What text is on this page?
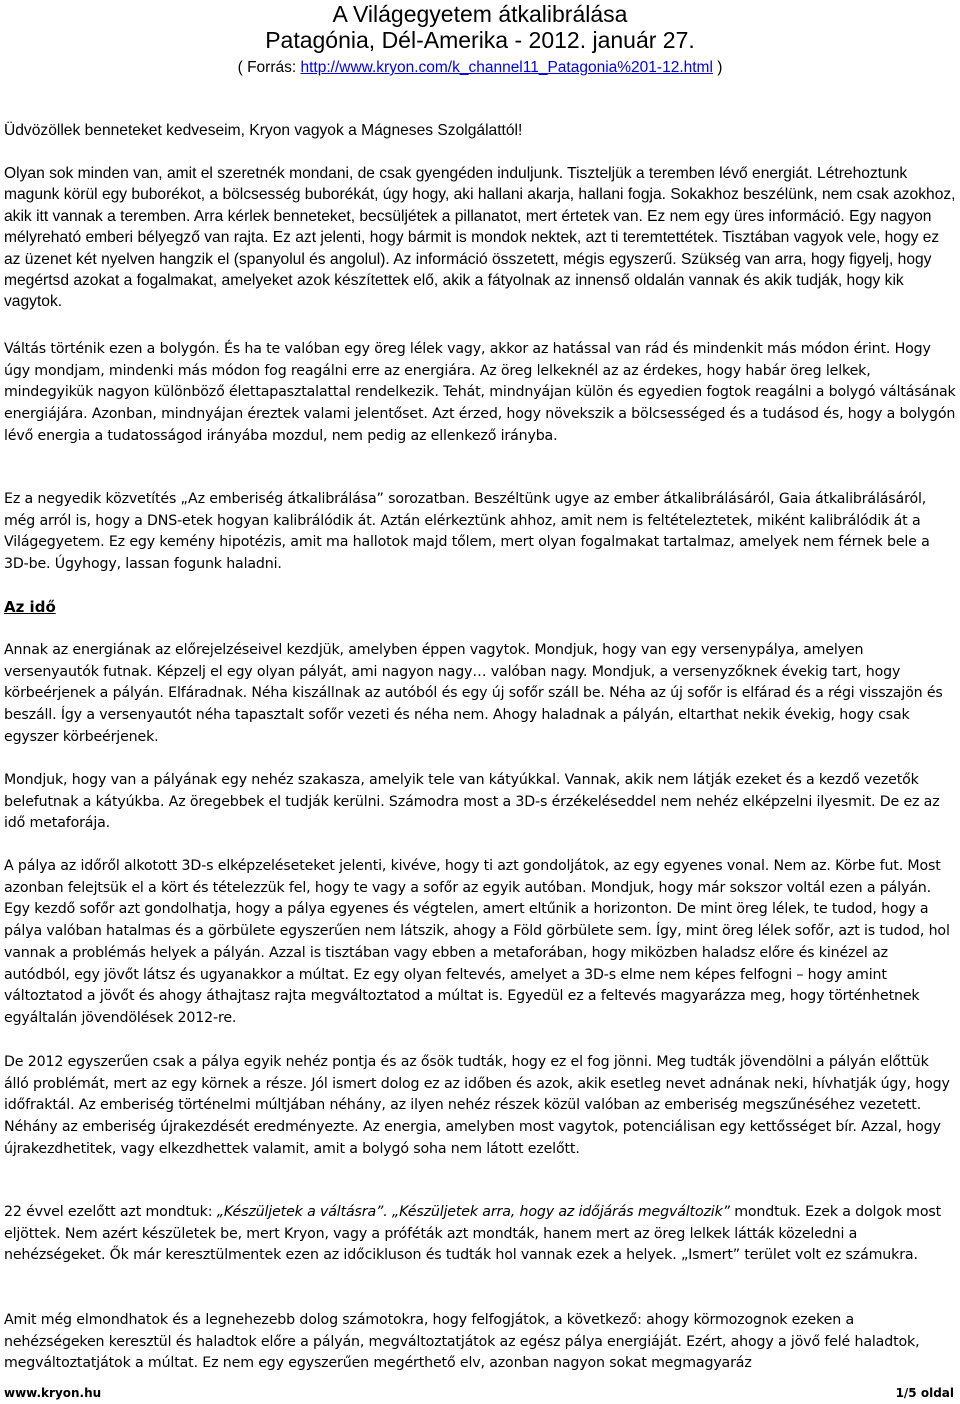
A Világegyetem átkalibrálása
Patagónia, Dél-Amerika - 2012. január 27.
( Forrás: http://www.kryon.com/k_channel11_Patagonia%201-12.html )

Üdvözöllek benneteket kedveseim, Kryon vagyok a Mágneses Szolgálattól!

Olyan sok minden van, amit el szeretnék mondani, de csak gyengéden induljunk. Tiszteljük a teremben lévő energiát. Létrehoztunk magunk körül egy buborékot, a bölcsesség buborékát, úgy hogy, aki hallani akarja, hallani fogja. Sokakhoz beszélünk, nem csak azokhoz, akik itt vannak a teremben. Arra kérlek benneteket, becsüljétek a pillanatot, mert értetek van. Ez nem egy üres információ. Egy nagyon mélyreható emberi bélyegző van rajta. Ez azt jelenti, hogy bármit is mondok nektek, azt ti teremtettétek. Tisztában vagyok vele, hogy ez az üzenet két nyelven hangzik el (spanyolul és angolul). Az információ összetett, mégis egyszerű. Szükség van arra, hogy figyelj, hogy megértsd azokat a fogalmakat, amelyeket azok készítettek elő, akik a fátyolnak az innenső oldalán vannak és akik tudják, hogy kik vagytok.

Váltás történik ezen a bolygón. És ha te valóban egy öreg lélek vagy, akkor az hatással van rád és mindenkit más módon érint. Hogy úgy mondjam, mindenki más módon fog reagálni erre az energiára. Az öreg lelkeknél az az érdekes, hogy habár öreg lelkek, mindegyikük nagyon különböző élettapasztalattal rendelkezik. Tehát, mindnyájan külön és egyedien fogtok reagálni a bolygó váltásának energiájára. Azonban, mindnyájan éreztek valami jelentőset. Azt érzed, hogy növekszik a bölcsességed és a tudásod és, hogy a bolygón lévő energia a tudatosságod irányába mozdul, nem pedig az ellenkező irányba.

Ez a negyedik közvetítés „Az emberiség átkalibrálása” sorozatban. Beszéltünk ugye az ember átkalibrálásáról, Gaia átkalibrálásáról, még arról is, hogy a DNS-etek hogyan kalibrálódik át. Aztán elérkeztünk ahhoz, amit nem is feltételeztetek, miként kalibrálódik át a Világegyetem. Ez egy kemény hipotézis, amit ma hallotok majd tőlem, mert olyan fogalmakat tartalmaz, amelyek nem férnek bele a 3D-be. Úgyhogy, lassan fogunk haladni.

Az idő

Annak az energiának az előrejelzéseivel kezdjük, amelyben éppen vagytok. Mondjuk, hogy van egy versenypálya, amelyen versenyautók futnak. Képzelj el egy olyan pályát, ami nagyon nagy… valóban nagy. Mondjuk, a versenyzőknek évekig tart, hogy körbeérjenek a pályán. Elfáradnak. Néha kiszállnak az autóból és egy új sofőr száll be. Néha az új sofőr is elfárad és a régi visszajön és beszáll. Így a versenyautót néha tapasztalt sofőr vezeti és néha nem. Ahogy haladnak a pályán, eltarthat nekik évekig, hogy csak egyszer körbeérjenek.

Mondjuk, hogy van a pályának egy nehéz szakasza, amelyik tele van kátyúkkal. Vannak, akik nem látják ezeket és a kezdő vezetők belefutnak a kátyúkba. Az öregebbek el tudják kerülni. Számodra most a 3D-s érzékeléseddel nem nehéz elképzelni ilyesmit. De ez az idő metaforája.

A pálya az időről alkotott 3D-s elképzeléseteket jelenti, kivéve, hogy ti azt gondoljátok, az egy egyenes vonal. Nem az. Körbe fut. Most azonban felejtsük el a kört és tételezzük fel, hogy te vagy a sofőr az egyik autóban. Mondjuk, hogy már sokszor voltál ezen a pályán. Egy kezdő sofőr azt gondolhatja, hogy a pálya egyenes és végtelen, amert eltűnik a horizonton. De mint öreg lélek, te tudod, hogy a pálya valóban hatalmas és a görbülete egyszerűen nem látszik, ahogy a Föld görbülete sem. Így, mint öreg lélek sofőr, azt is tudod, hol vannak a problémás helyek a pályán. Azzal is tisztában vagy ebben a metaforában, hogy miközben haladsz előre és kinézel az autódból, egy jövőt látsz és ugyanakkor a múltat. Ez egy olyan feltevés, amelyet a 3D-s elme nem képes felfogni – hogy amint változtatod a jövőt és ahogy áthajtasz rajta megváltoztatod a múltat is. Egyedül ez a feltevés magyarázza meg, hogy történhetnek egyáltalán jövendölések 2012-re.

De 2012 egyszerűen csak a pálya egyik nehéz pontja és az ősök tudták, hogy ez el fog jönni. Meg tudták jövendölni a pályán előttük álló problémát, mert az egy körnek a része. Jól ismert dolog ez az időben és azok, akik esetleg nevet adnának neki, hívhatják úgy, hogy időfraktál. Az emberiség történelmi múltjában néhány, az ilyen nehéz részek közül valóban az emberiség megszűnéséhez vezetett. Néhány az emberiség újrakezdését eredményezte. Az energia, amelyben most vagytok, potenciálisan egy kettősséget bír. Azzal, hogy újrakezdhetitek, vagy elkezdhettek valamit, amit a bolygó soha nem látott ezelőtt.

22 évvel ezelőtt azt mondtuk: „Készüljetek a váltásra”. „Készüljetek arra, hogy az időjárás megváltozik” mondtuk. Ezek a dolgok most eljöttek. Nem azért készületek be, mert Kryon, vagy a próféták azt mondták, hanem mert az öreg lelkek látták közeledni a nehézségeket. Ők már keresztülmentek ezen az időcikluson és tudták hol vannak ezek a helyek. „Ismert” terület volt ez számukra.

Amit még elmondhatok és a legnehezebb dolog számotokra, hogy felfogjátok, a következő: ahogy körmozognok ezeken a nehézségeken keresztül és haladtok előre a pályán, megváltoztatjátok az egész pálya energiáját. Ezért, ahogy a jövő felé haladtok, megváltoztatjátok a múltat. Ez nem egy egyszerűen megérthető elv, azonban nagyon sokat megmagyaráz

www.kryon.hu	1/5 oldal
